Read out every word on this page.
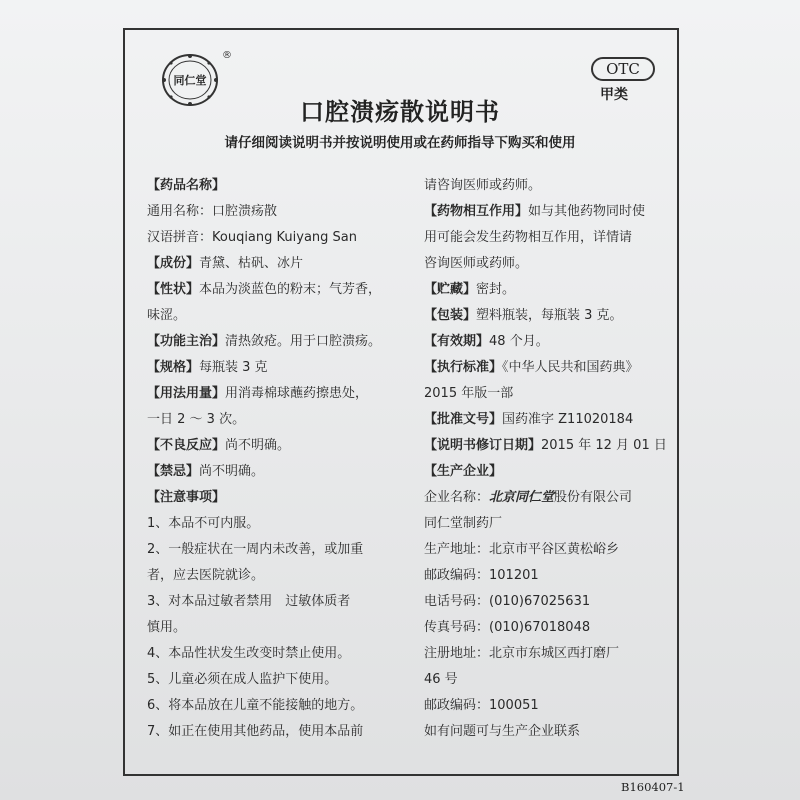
同仁堂
®
OTC
甲类
口腔溃疡散说明书
请仔细阅读说明书并按说明使用或在药师指导下购买和使用
【药品名称】
通用名称：口腔溃疡散
汉语拼音：Kouqiang Kuiyang San
【成份】青黛、枯矾、冰片
【性状】本品为淡蓝色的粉末；气芳香，
味涩。
【功能主治】清热敛疮。用于口腔溃疡。
【规格】每瓶装 3 克
【用法用量】用消毒棉球蘸药擦患处，
一日 2 ～ 3 次。
【不良反应】尚不明确。
【禁忌】尚不明确。
【注意事项】
1、本品不可内服。
2、一般症状在一周内未改善，或加重
者，应去医院就诊。
3、对本品过敏者禁用　过敏体质者
慎用。
4、本品性状发生改变时禁止使用。
5、儿童必须在成人监护下使用。
6、将本品放在儿童不能接触的地方。
7、如正在使用其他药品，使用本品前
请咨询医师或药师。
【药物相互作用】如与其他药物同时使
用可能会发生药物相互作用，详情请
咨询医师或药师。
【贮藏】密封。
【包装】塑料瓶装，每瓶装 3 克。
【有效期】48 个月。
【执行标准】《中华人民共和国药典》
2015 年版一部
【批准文号】国药准字 Z11020184
【说明书修订日期】2015 年 12 月 01 日
【生产企业】
企业名称：北京同仁堂股份有限公司
同仁堂制药厂
生产地址：北京市平谷区黄松峪乡
邮政编码：101201
电话号码：(010)67025631
传真号码：(010)67018048
注册地址：北京市东城区西打磨厂
46 号
邮政编码：100051
如有问题可与生产企业联系
B160407-1
